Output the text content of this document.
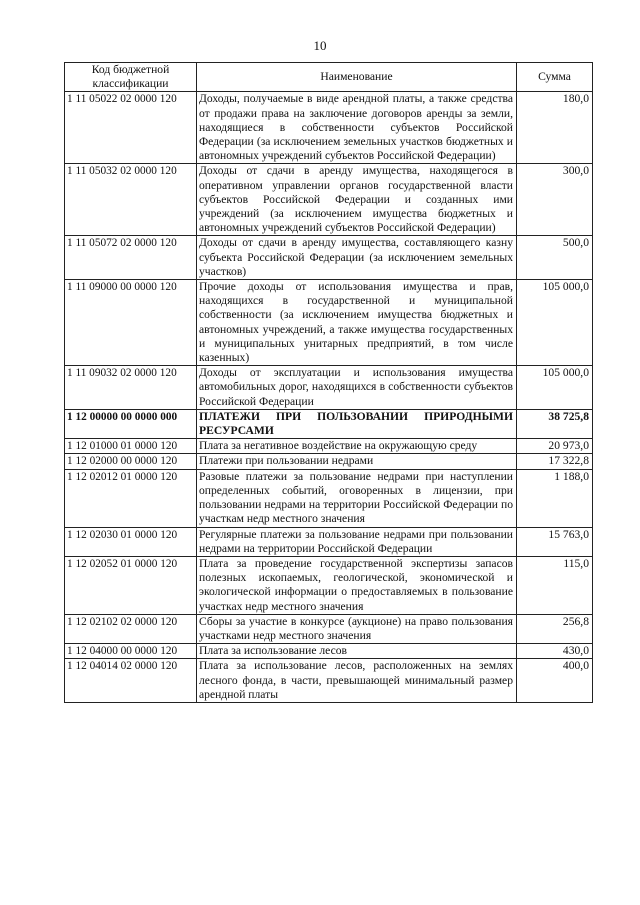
10
Код бюджетной классификации	Наименование	Сумма
1 11 05022 02 0000 120	Доходы, получаемые в виде арендной платы, а также средства от продажи права на заключение договоров аренды за земли, находящиеся в собственности субъектов Российской Федерации (за исключением земельных участков бюджетных и автономных учреждений субъектов Российской Федерации)	180,0
1 11 05032 02 0000 120	Доходы от сдачи в аренду имущества, находящегося в оперативном управлении органов государственной власти субъектов Российской Федерации и созданных ими учреждений (за исключением имущества бюджетных и автономных учреждений субъектов Российской Федерации)	300,0
1 11 05072 02 0000 120	Доходы от сдачи в аренду имущества, составляющего казну субъекта Российской Федерации (за исключением земельных участков)	500,0
1 11 09000 00 0000 120	Прочие доходы от использования имущества и прав, находящихся в государственной и муниципальной собственности (за исключением имущества бюджетных и автономных учреждений, а также имущества государственных и муниципальных унитарных предприятий, в том числе казенных)	105 000,0
1 11 09032 02 0000 120	Доходы от эксплуатации и использования имущества автомобильных дорог, находящихся в собственности субъектов Российской Федерации	105 000,0
1 12 00000 00 0000 000	ПЛАТЕЖИ ПРИ ПОЛЬЗОВАНИИ ПРИРОДНЫМИ РЕСУРСАМИ	38 725,8
1 12 01000 01 0000 120	Плата за негативное воздействие на окружающую среду	20 973,0
1 12 02000 00 0000 120	Платежи при пользовании недрами	17 322,8
1 12 02012 01 0000 120	Разовые платежи за пользование недрами при наступлении определенных событий, оговоренных в лицензии, при пользовании недрами на территории Российской Федерации по участкам недр местного значения	1 188,0
1 12 02030 01 0000 120	Регулярные платежи за пользование недрами при пользовании недрами на территории Российской Федерации	15 763,0
1 12 02052 01 0000 120	Плата за проведение государственной экспертизы запасов полезных ископаемых, геологической, экономической и экологической информации о предоставляемых в пользование участках недр местного значения	115,0
1 12 02102 02 0000 120	Сборы за участие в конкурсе (аукционе) на право пользования участками недр местного значения	256,8
1 12 04000 00 0000 120	Плата за использование лесов	430,0
1 12 04014 02 0000 120	Плата за использование лесов, расположенных на землях лесного фонда, в части, превышающей минимальный размер арендной платы	400,0
